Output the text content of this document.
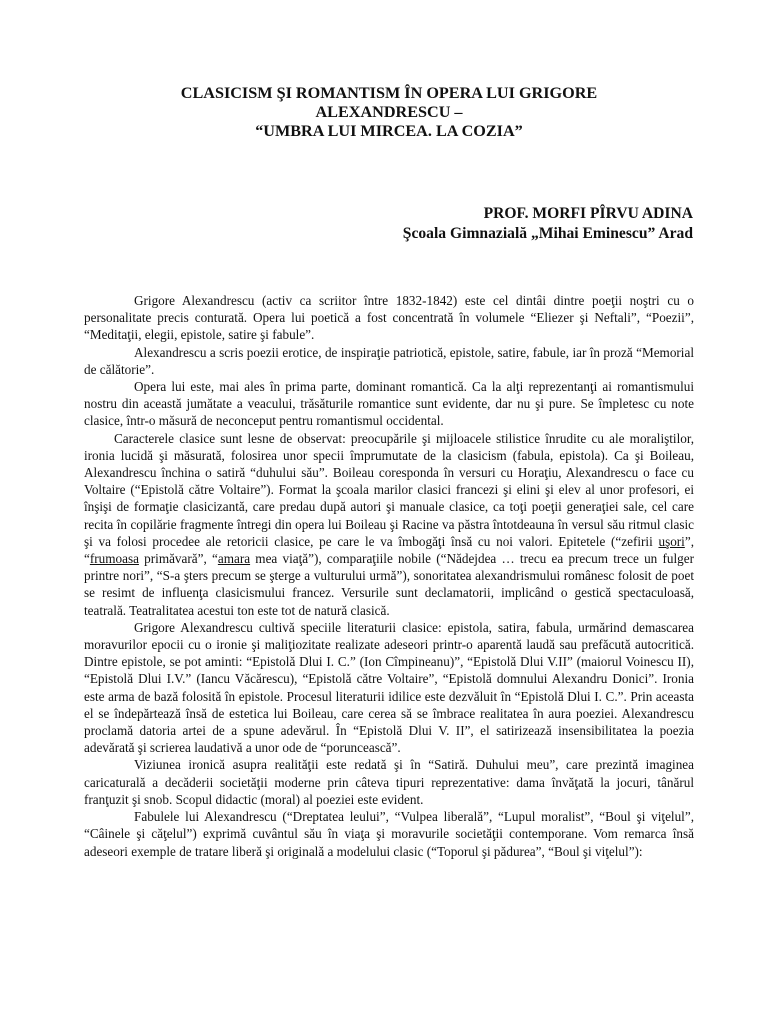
CLASICISM ŞI ROMANTISM ÎN OPERA LUI GRIGORE
ALEXANDRESCU –
“UMBRA LUI MIRCEA. LA COZIA”
PROF. MORFI PÎRVU ADINA
Şcoala Gimnazială „Mihai Eminescu” Arad

Grigore Alexandrescu (activ ca scriitor între 1832-1842) este cel dintâi dintre poeţii noştri cu o personalitate precis conturată. Opera lui poetică a fost concentrată în volumele “Eliezer şi Neftali”, “Poezii”, “Meditaţii, elegii, epistole, satire şi fabule”.

Alexandrescu a scris poezii erotice, de inspiraţie patriotică, epistole, satire, fabule, iar în proză “Memorial de călătorie”.

Opera lui este, mai ales în prima parte, dominant romantică. Ca la alţi reprezentanţi ai romantismului nostru din această jumătate a veacului, trăsăturile romantice sunt evidente, dar nu şi pure. Se împletesc cu note clasice, într-o măsură de neconceput pentru romantismul occidental.

Caracterele clasice sunt lesne de observat: preocupările şi mijloacele stilistice înrudite cu ale moraliştilor, ironia lucidă şi măsurată, folosirea unor specii împrumutate de la clasicism (fabula, epistola). Ca şi Boileau, Alexandrescu închina o satiră “duhului său”. Boileau coresponda în versuri cu Horaţiu, Alexandrescu o face cu Voltaire (“Epistolă către Voltaire”). Format la şcoala marilor clasici francezi şi elini şi elev al unor profesori, ei înşişi de formaţie clasicizantă, care predau după autori şi manuale clasice, ca toţi poeţii generaţiei sale, cel care recita în copilărie fragmente întregi din opera lui Boileau şi Racine va păstra întotdeauna în versul său ritmul clasic şi va folosi procedee ale retoricii clasice, pe care le va îmbogăţi însă cu noi valori. Epitetele (“zefirii uşori”, “frumoasa primăvară”, “amara mea viaţă”), comparaţiile nobile (“Nădejdea … trecu ea precum trece un fulger printre nori”, “S-a şters precum se şterge a vulturului urmă”), sonoritatea alexandrismului românesc folosit de poet se resimt de influenţa clasicismului francez. Versurile sunt declamatorii, implicând o gestică spectaculoasă, teatrală. Teatralitatea acestui ton este tot de natură clasică.

Grigore Alexandrescu cultivă speciile literaturii clasice: epistola, satira, fabula, urmărind demascarea moravurilor epocii cu o ironie şi maliţiozitate realizate adeseori printr-o aparentă laudă sau prefăcută autocritică. Dintre epistole, se pot aminti: “Epistolă Dlui I. C.” (Ion Cîmpineanu)”, “Epistolă Dlui V.II” (maiorul Voinescu II), “Epistolă Dlui I.V.” (Iancu Văcărescu), “Epistolă către Voltaire”, “Epistolă domnului Alexandru Donici”. Ironia este arma de bază folosită în epistole. Procesul literaturii idilice este dezvăluit în “Epistolă Dlui I. C.”. Prin aceasta el se îndepărtează însă de estetica lui Boileau, care cerea să se îmbrace realitatea în aura poeziei. Alexandrescu proclamă datoria artei de a spune adevărul. În “Epistolă Dlui V. II”, el satirizează insensibilitatea la poezia adevărată şi scrierea laudativă a unor ode de “poruncească”.

Viziunea ironică asupra realităţii este redată şi în “Satiră. Duhului meu”, care prezintă imaginea caricaturală a decăderii societăţii moderne prin câteva tipuri reprezentative: dama învăţată la jocuri, tânărul franţuzit şi snob. Scopul didactic (moral) al poeziei este evident.

Fabulele lui Alexandrescu (“Dreptatea leului”, “Vulpea liberală”, “Lupul moralist”, “Boul şi viţelul”, “Câinele şi căţelul”) exprimă cuvântul său în viaţa şi moravurile societăţii contemporane. Vom remarca însă adeseori exemple de tratare liberă şi originală a modelului clasic (“Toporul şi pădurea”, “Boul şi viţelul”):
